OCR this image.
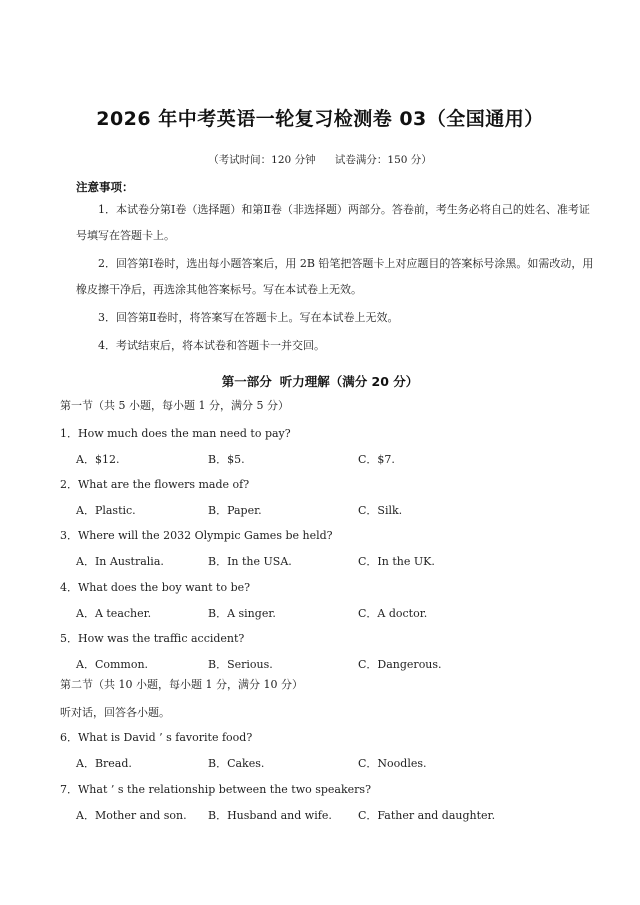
2026 年中考英语一轮复习检测卷 03（全国通用）
（考试时间：120 分钟 试卷满分：150 分）
注意事项：

1．本试卷分第Ⅰ卷（选择题）和第Ⅱ卷（非选择题）两部分。答卷前，考生务必将自己的姓名、准考证号填写在答题卡上。

2．回答第Ⅰ卷时，选出每小题答案后，用 2B 铅笔把答题卡上对应题目的答案标号涂黑。如需改动，用橡皮擦干净后，再选涂其他答案标号。写在本试卷上无效。

3．回答第Ⅱ卷时，将答案写在答题卡上。写在本试卷上无效。

4．考试结束后，将本试卷和答题卡一并交回。

第一部分 听力理解（满分 20 分）
第一节（共 5 小题，每小题 1 分，满分 5 分）
1．How much does the man need to pay?
A．$12.	B．$5.	C．$7.
2．What are the flowers made of?
A．Plastic.	B．Paper.	C．Silk.
3．Where will the 2032 Olympic Games be held?
A．In Australia.	B．In the USA.	C．In the UK.
4．What does the boy want to be?
A．A teacher.	B．A singer.	C．A doctor.
5．How was the traffic accident?
A．Common.	B．Serious.	C．Dangerous.
第二节（共 10 小题，每小题 1 分，满分 10 分）
听对话，回答各小题。
6．What is David ’ s favorite food?
A．Bread.	B．Cakes.	C．Noodles.
7．What ’ s the relationship between the two speakers?
A．Mother and son. B．Husband and wife. C．Father and daughter.
